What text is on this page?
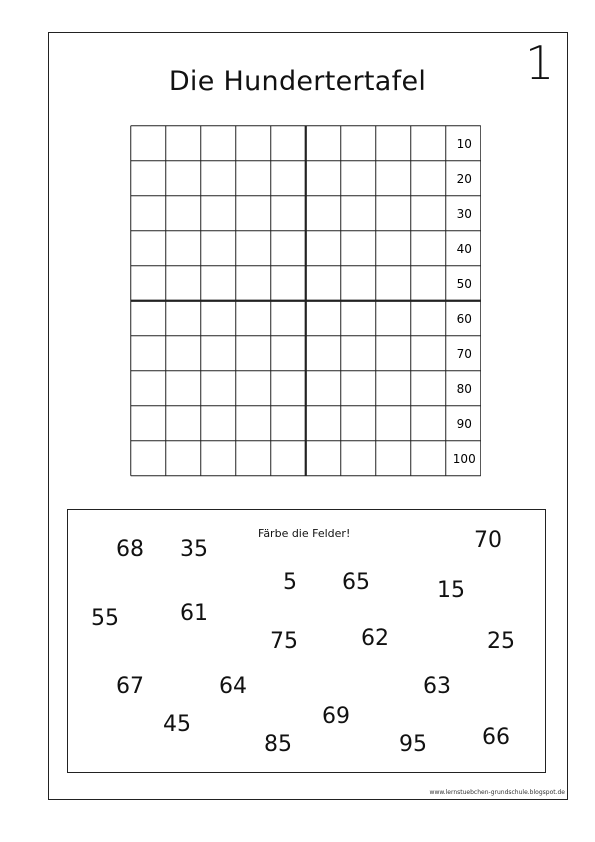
1
Die Hundertertafel
10
20
30
40
50
60
70
80
90
100
Färbe die Felder!
68 35	70
5 65	15
55	61
75	62	25
67	64	63
45	69
85	95	66
www.lernstuebchen-grundschule.blogspot.de
